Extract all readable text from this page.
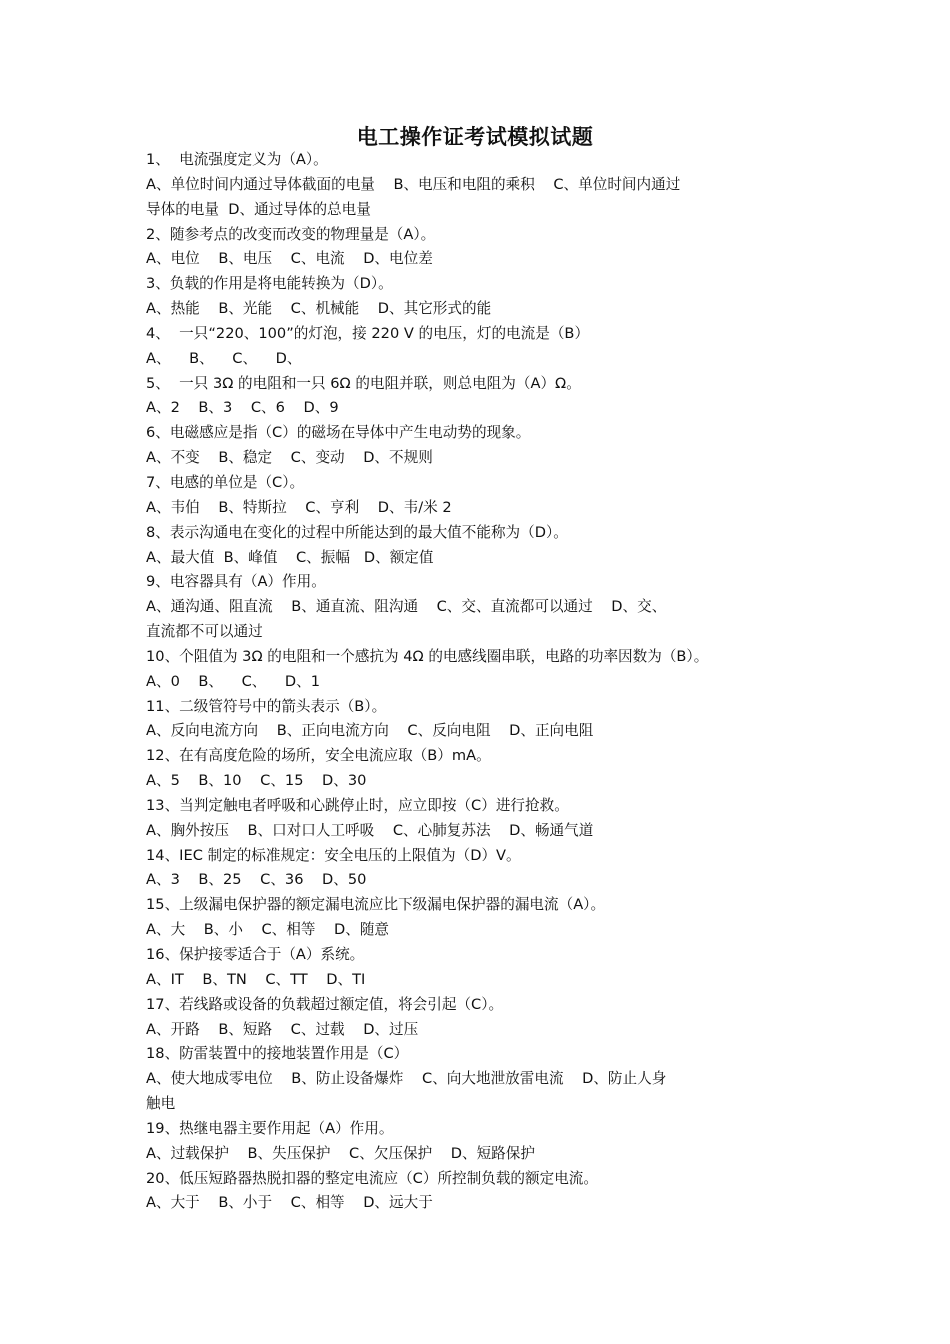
电工操作证考试模拟试题
1、  电流强度定义为（A）。
A、单位时间内通过导体截面的电量    B、电压和电阻的乘积    C、单位时间内通过
导体的电量  D、通过导体的总电量
2、随参考点的改变而改变的物理量是（A）。
A、电位    B、电压    C、电流    D、电位差
3、负载的作用是将电能转换为（D）。
A、热能    B、光能    C、机械能    D、其它形式的能
4、  一只“220、100”的灯泡，接 220 V 的电压，灯的电流是（B）
A、    B、    C、    D、
5、  一只 3Ω 的电阻和一只 6Ω 的电阻并联，则总电阻为（A）Ω。
A、2    B、3    C、6    D、9
6、电磁感应是指（C）的磁场在导体中产生电动势的现象。
A、不变    B、稳定    C、变动    D、不规则
7、电感的单位是（C）。
A、韦伯    B、特斯拉    C、亨利    D、韦/米 2
8、表示沟通电在变化的过程中所能达到的最大值不能称为（D）。
A、最大值  B、峰值    C、振幅   D、额定值
9、电容器具有（A）作用。
A、通沟通、阻直流    B、通直流、阻沟通    C、交、直流都可以通过    D、交、
直流都不可以通过
10、个阻值为 3Ω 的电阻和一个感抗为 4Ω 的电感线圈串联，电路的功率因数为（B）。
A、0    B、    C、    D、1
11、二级管符号中的箭头表示（B）。
A、反向电流方向    B、正向电流方向    C、反向电阻    D、正向电阻
12、在有高度危险的场所，安全电流应取（B）mA。
A、5    B、10    C、15    D、30
13、当判定触电者呼吸和心跳停止时，应立即按（C）进行抢救。
A、胸外按压    B、口对口人工呼吸    C、心肺复苏法    D、畅通气道
14、IEC 制定的标准规定：安全电压的上限值为（D）V。
A、3    B、25    C、36    D、50
15、上级漏电保护器的额定漏电流应比下级漏电保护器的漏电流（A）。
A、大    B、小    C、相等    D、随意
16、保护接零适合于（A）系统。
A、IT    B、TN    C、TT    D、TI
17、若线路或设备的负载超过额定值，将会引起（C）。
A、开路    B、短路    C、过载    D、过压
18、防雷装置中的接地装置作用是（C）
A、使大地成零电位    B、防止设备爆炸    C、向大地泄放雷电流    D、防止人身
触电
19、热继电器主要作用起（A）作用。
A、过载保护    B、失压保护    C、欠压保护    D、短路保护
20、低压短路器热脱扣器的整定电流应（C）所控制负载的额定电流。
A、大于    B、小于    C、相等    D、远大于
